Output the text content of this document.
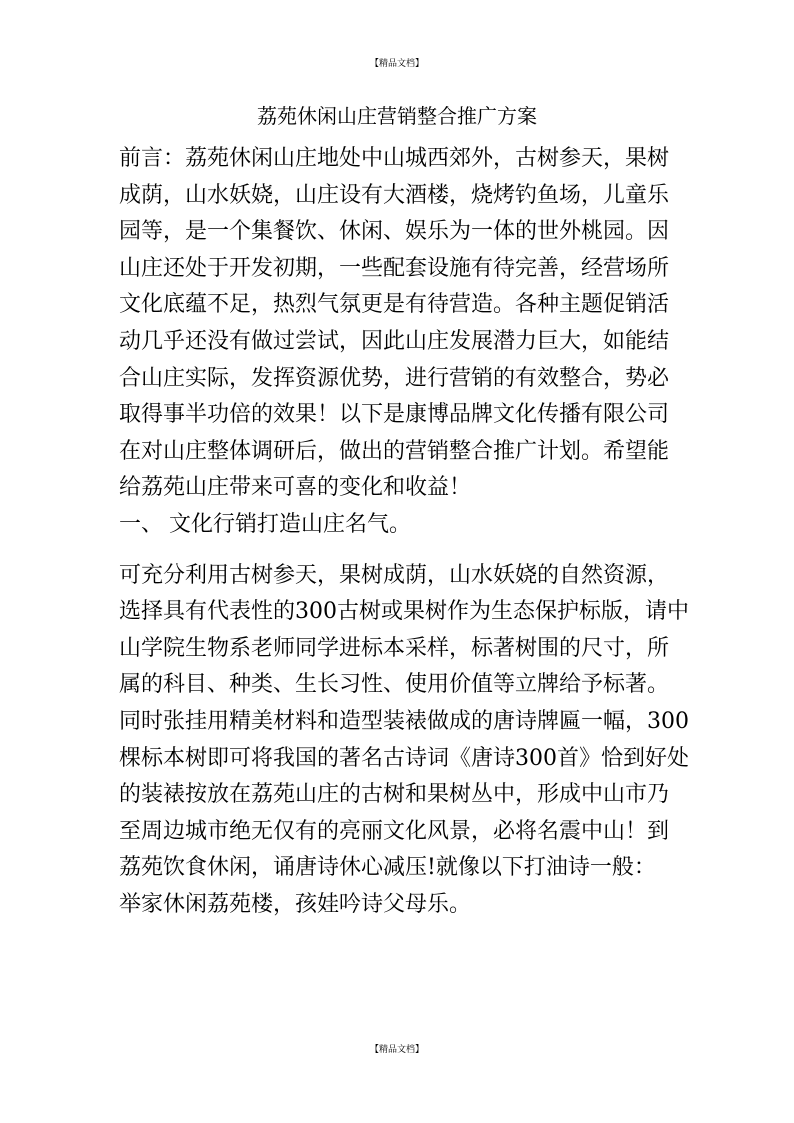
【精品文档】
荔苑休闲山庄营销整合推广方案
前言：荔苑休闲山庄地处中山城西郊外，古树参天，果树
成荫，山水妖娆，山庄设有大酒楼，烧烤钓鱼场，儿童乐
园等，是一个集餐饮、休闲、娱乐为一体的世外桃园。因
山庄还处于开发初期，一些配套设施有待完善，经营场所
文化底蕴不足，热烈气氛更是有待营造。各种主题促销活
动几乎还没有做过尝试，因此山庄发展潜力巨大，如能结
合山庄实际，发挥资源优势，进行营销的有效整合，势必
取得事半功倍的效果！以下是康博品牌文化传播有限公司
在对山庄整体调研后，做出的营销整合推广计划。希望能
给荔苑山庄带来可喜的变化和收益！
一、 文化行销打造山庄名气。
可充分利用古树参天，果树成荫，山水妖娆的自然资源，
选择具有代表性的300古树或果树作为生态保护标版，请中
山学院生物系老师同学进标本采样，标著树围的尺寸，所
属的科目、种类、生长习性、使用价值等立牌给予标著。
同时张挂用精美材料和造型装裱做成的唐诗牌匾一幅，300
棵标本树即可将我国的著名古诗词《唐诗300首》恰到好处
的装裱按放在荔苑山庄的古树和果树丛中，形成中山市乃
至周边城市绝无仅有的亮丽文化风景，必将名震中山！到
荔苑饮食休闲，诵唐诗休心减压!就像以下打油诗一般：
举家休闲荔苑楼，孩娃吟诗父母乐。
【精品文档】
